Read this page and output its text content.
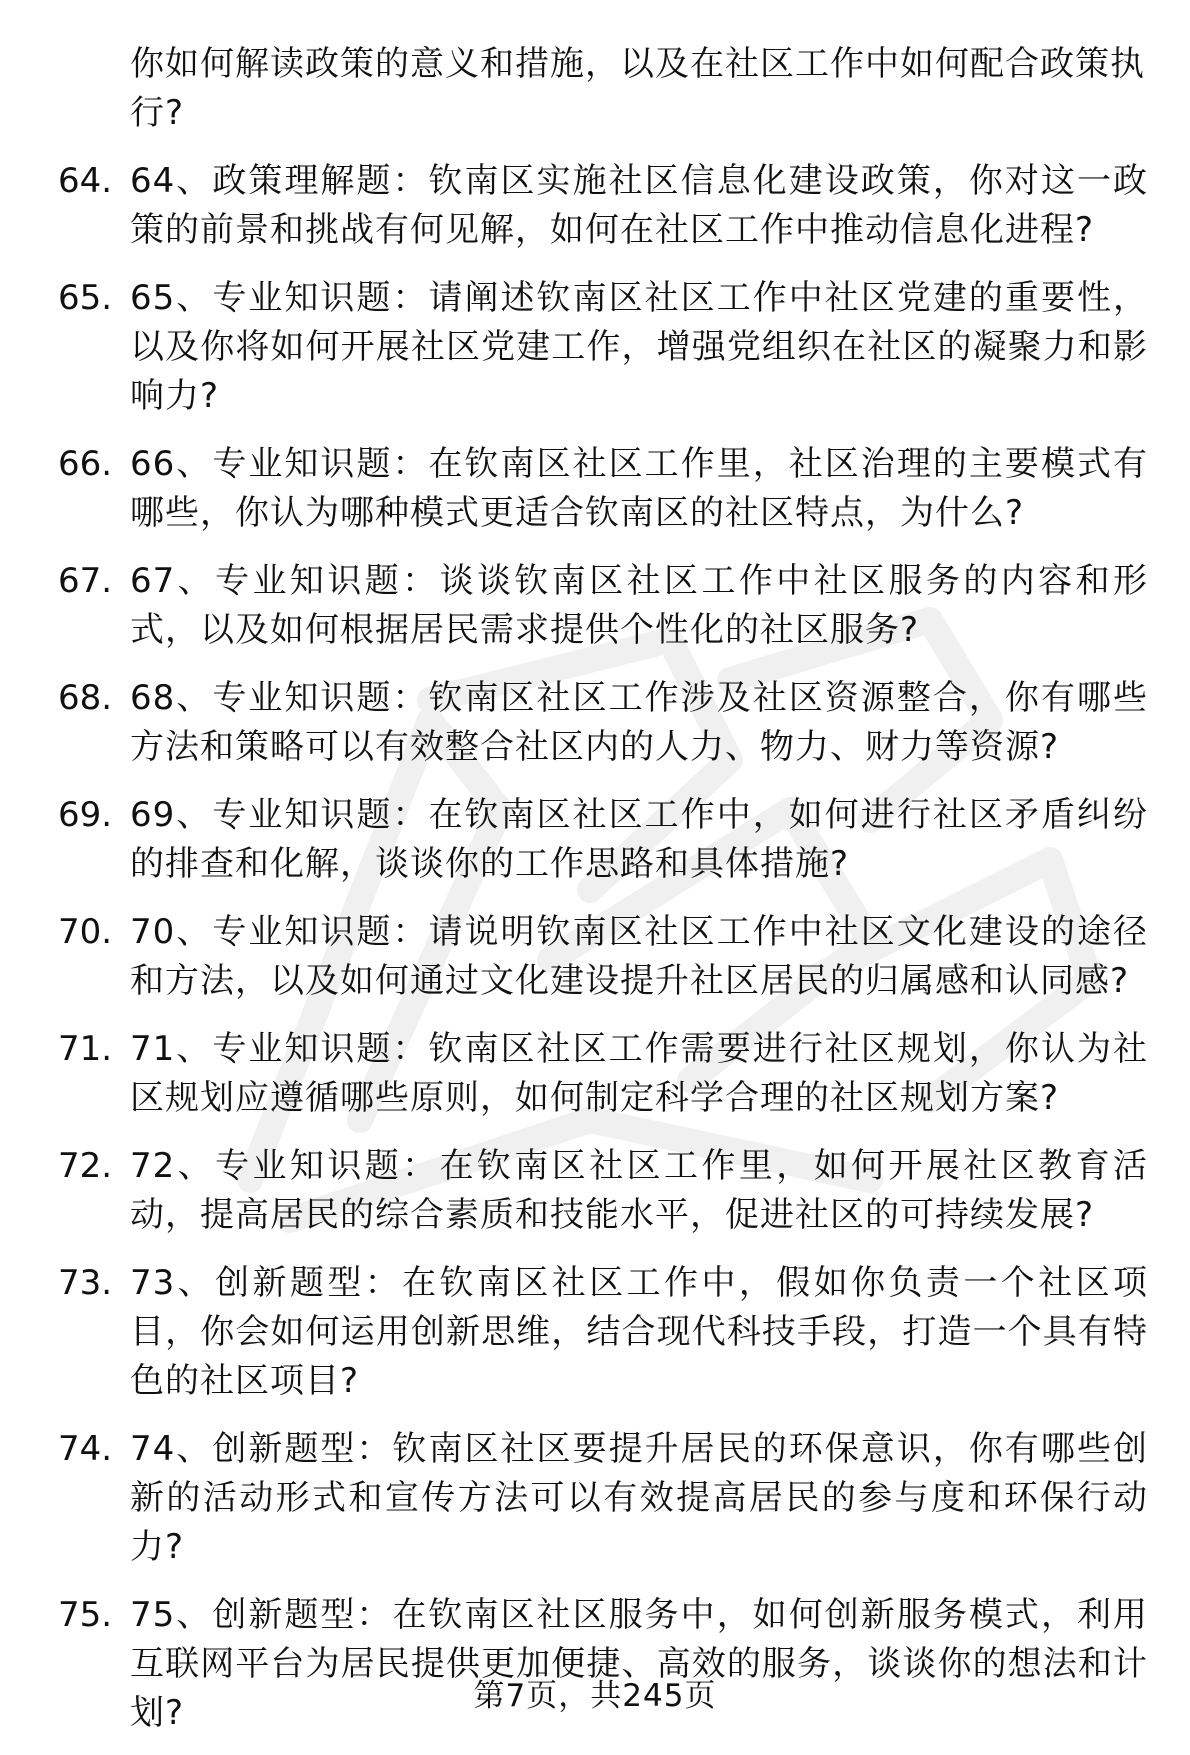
你如何解读政策的意义和措施，以及在社区工作中如何配合政策执行?
64. 64、政策理解题：钦南区实施社区信息化建设政策，你对这一政策的前景和挑战有何见解，如何在社区工作中推动信息化进程?
65. 65、专业知识题：请阐述钦南区社区工作中社区党建的重要性，以及你将如何开展社区党建工作，增强党组织在社区的凝聚力和影响力?
66. 66、专业知识题：在钦南区社区工作里，社区治理的主要模式有哪些，你认为哪种模式更适合钦南区的社区特点，为什么?
67. 67、专业知识题：谈谈钦南区社区工作中社区服务的内容和形式，以及如何根据居民需求提供个性化的社区服务?
68. 68、专业知识题：钦南区社区工作涉及社区资源整合，你有哪些方法和策略可以有效整合社区内的人力、物力、财力等资源?
69. 69、专业知识题：在钦南区社区工作中，如何进行社区矛盾纠纷的排查和化解，谈谈你的工作思路和具体措施?
70. 70、专业知识题：请说明钦南区社区工作中社区文化建设的途径和方法，以及如何通过文化建设提升社区居民的归属感和认同感?
71. 71、专业知识题：钦南区社区工作需要进行社区规划，你认为社区规划应遵循哪些原则，如何制定科学合理的社区规划方案?
72. 72、专业知识题：在钦南区社区工作里，如何开展社区教育活动，提高居民的综合素质和技能水平，促进社区的可持续发展?
73. 73、创新题型：在钦南区社区工作中，假如你负责一个社区项目，你会如何运用创新思维，结合现代科技手段，打造一个具有特色的社区项目?
74. 74、创新题型：钦南区社区要提升居民的环保意识，你有哪些创新的活动形式和宣传方法可以有效提高居民的参与度和环保行动力?
75. 75、创新题型：在钦南区社区服务中，如何创新服务模式，利用互联网平台为居民提供更加便捷、高效的服务，谈谈你的想法和计划?	第7页，共245页
